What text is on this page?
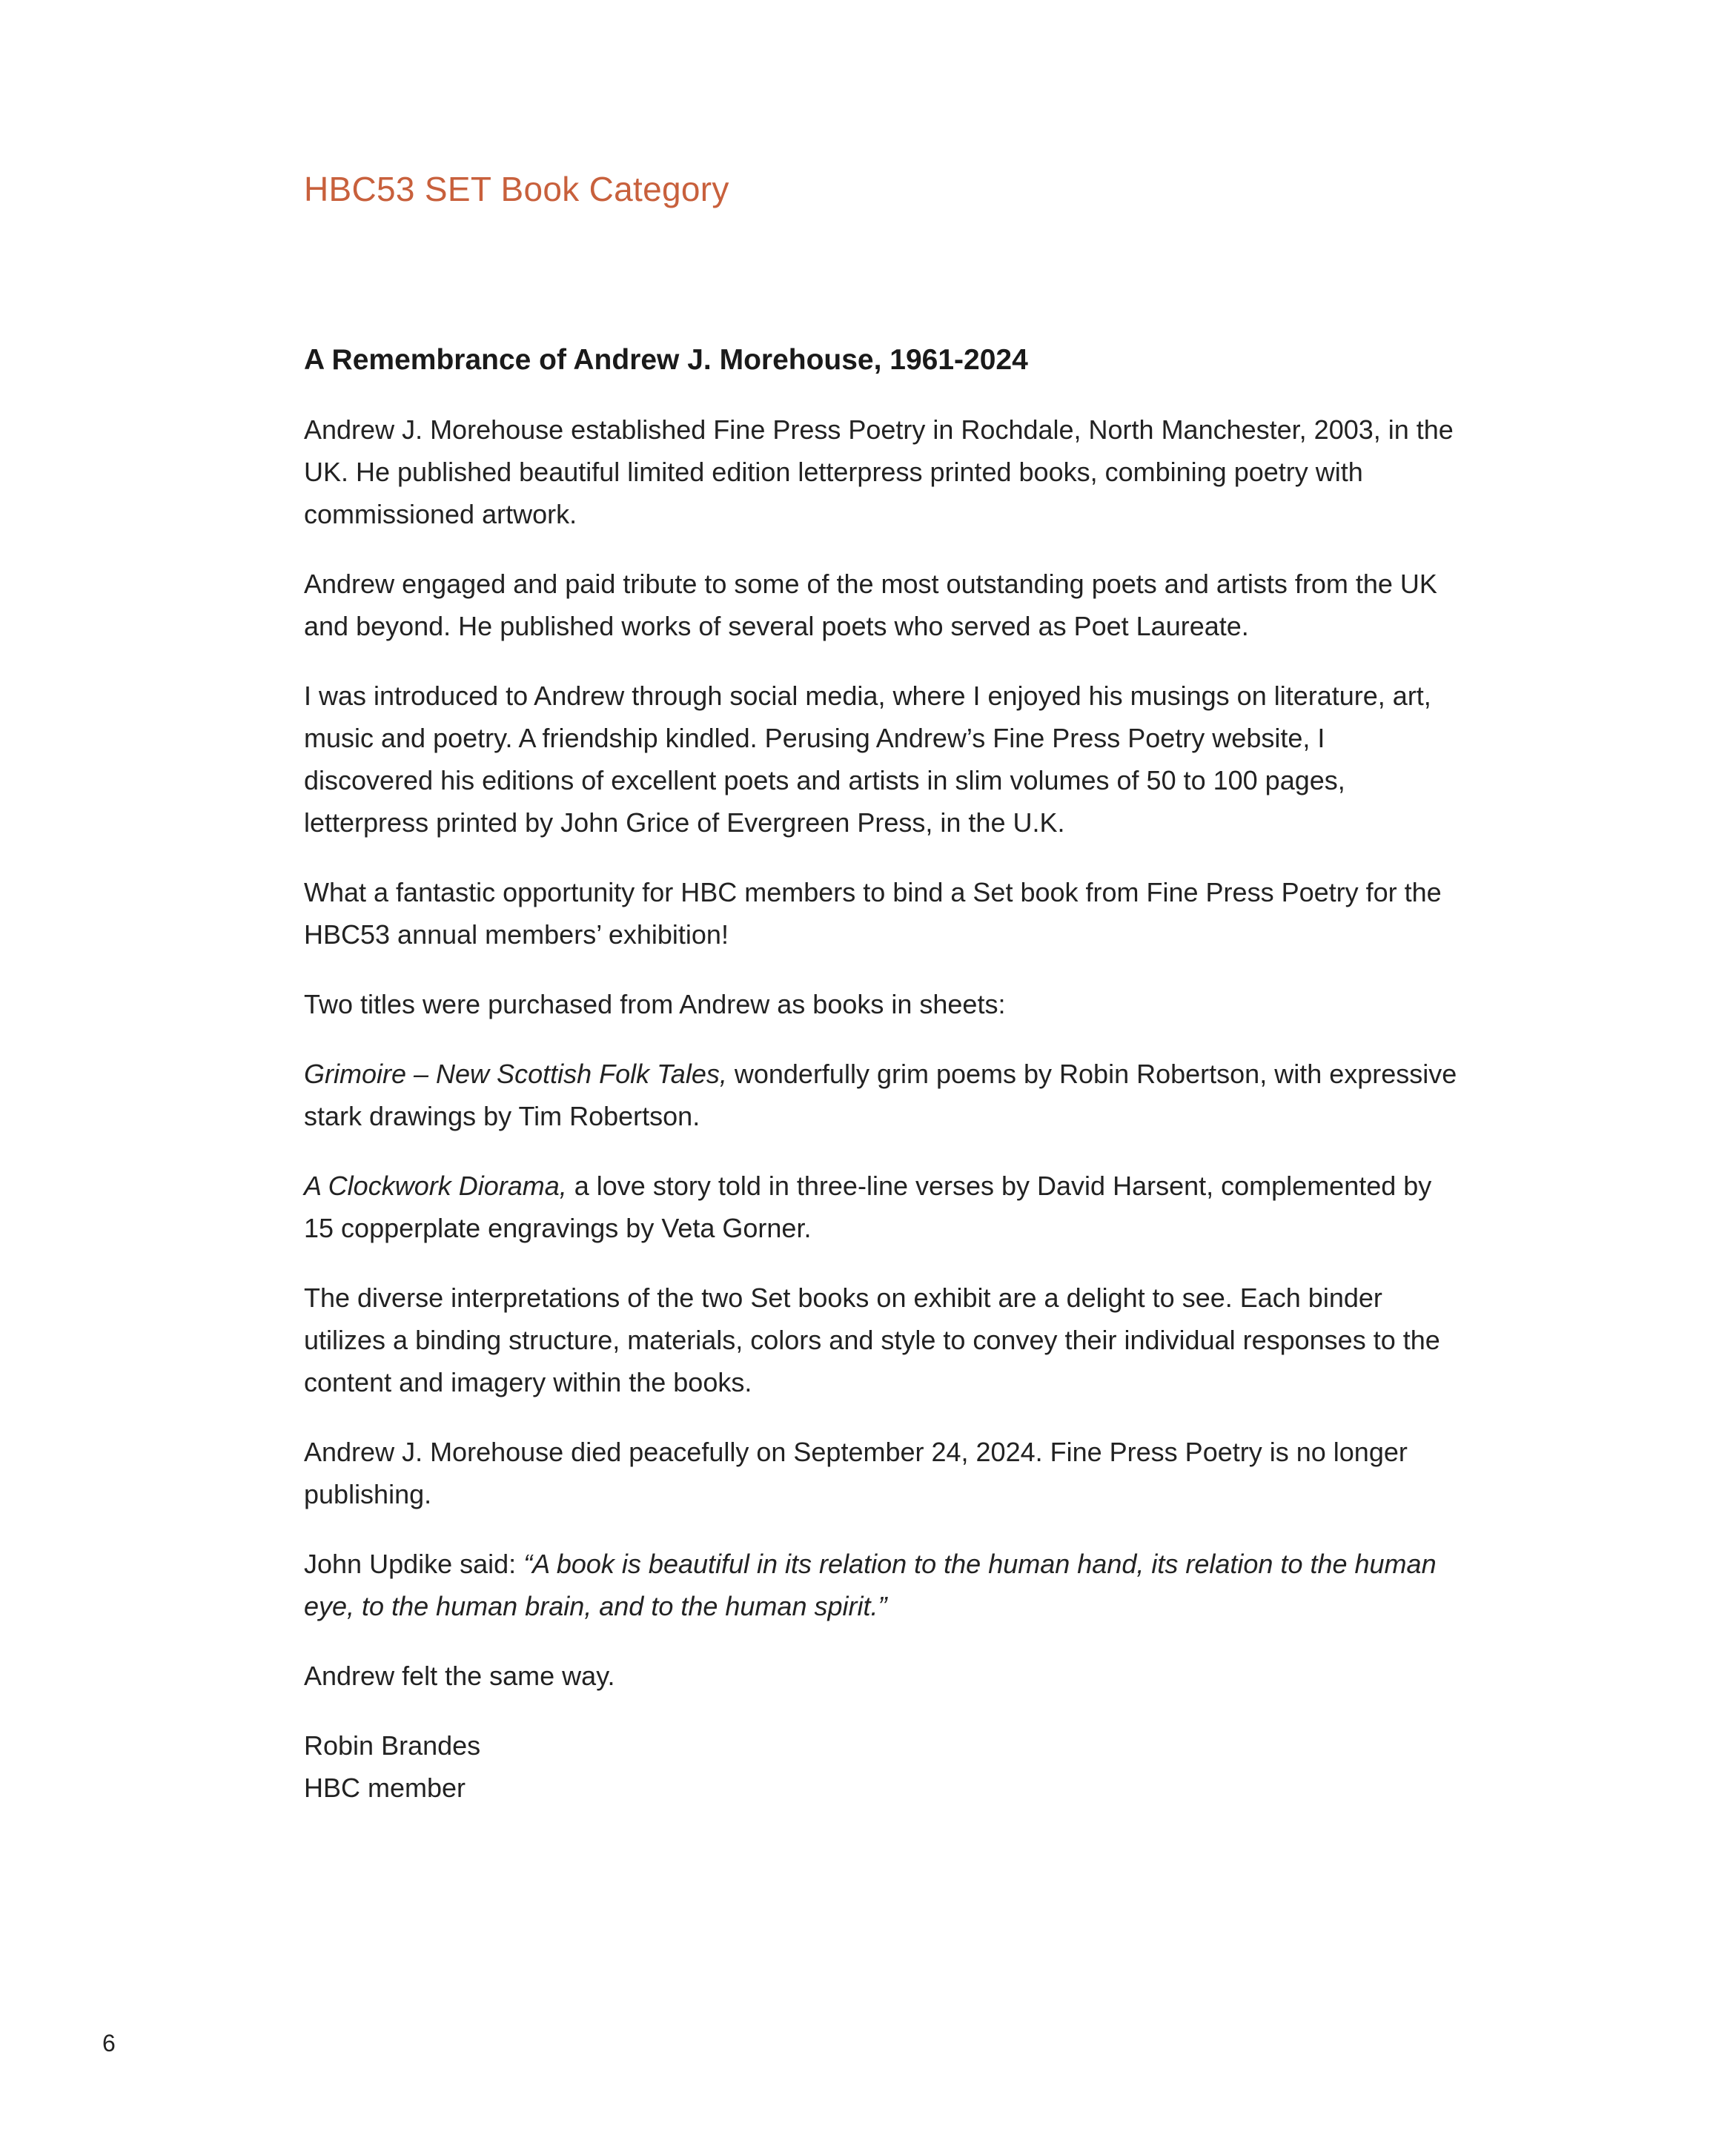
HBC53 SET Book Category
A Remembrance of Andrew J. Morehouse, 1961-2024

Andrew J. Morehouse established Fine Press Poetry in Rochdale, North Manchester, 2003, in the UK. He published beautiful limited edition letterpress printed books, combining poetry with commissioned artwork.

Andrew engaged and paid tribute to some of the most outstanding poets and artists from the UK and beyond. He published works of several poets who served as Poet Laureate.

I was introduced to Andrew through social media, where I enjoyed his musings on literature, art, music and poetry. A friendship kindled. Perusing Andrew’s Fine Press Poetry website, I discovered his editions of excellent poets and artists in slim volumes of 50 to 100 pages, letterpress printed by John Grice of Evergreen Press, in the U.K.

What a fantastic opportunity for HBC members to bind a Set book from Fine Press Poetry for the HBC53 annual members’ exhibition!

Two titles were purchased from Andrew as books in sheets:

Grimoire – New Scottish Folk Tales, wonderfully grim poems by Robin Robertson, with expressive stark drawings by Tim Robertson.

A Clockwork Diorama, a love story told in three-line verses by David Harsent, complemented by 15 copperplate engravings by Veta Gorner.

The diverse interpretations of the two Set books on exhibit are a delight to see. Each binder utilizes a binding structure, materials, colors and style to convey their individual responses to the content and imagery within the books.

Andrew J. Morehouse died peacefully on September 24, 2024. Fine Press Poetry is no longer publishing.

John Updike said: “A book is beautiful in its relation to the human hand, its relation to the human eye, to the human brain, and to the human spirit.”

Andrew felt the same way.

Robin Brandes

HBC member

6
